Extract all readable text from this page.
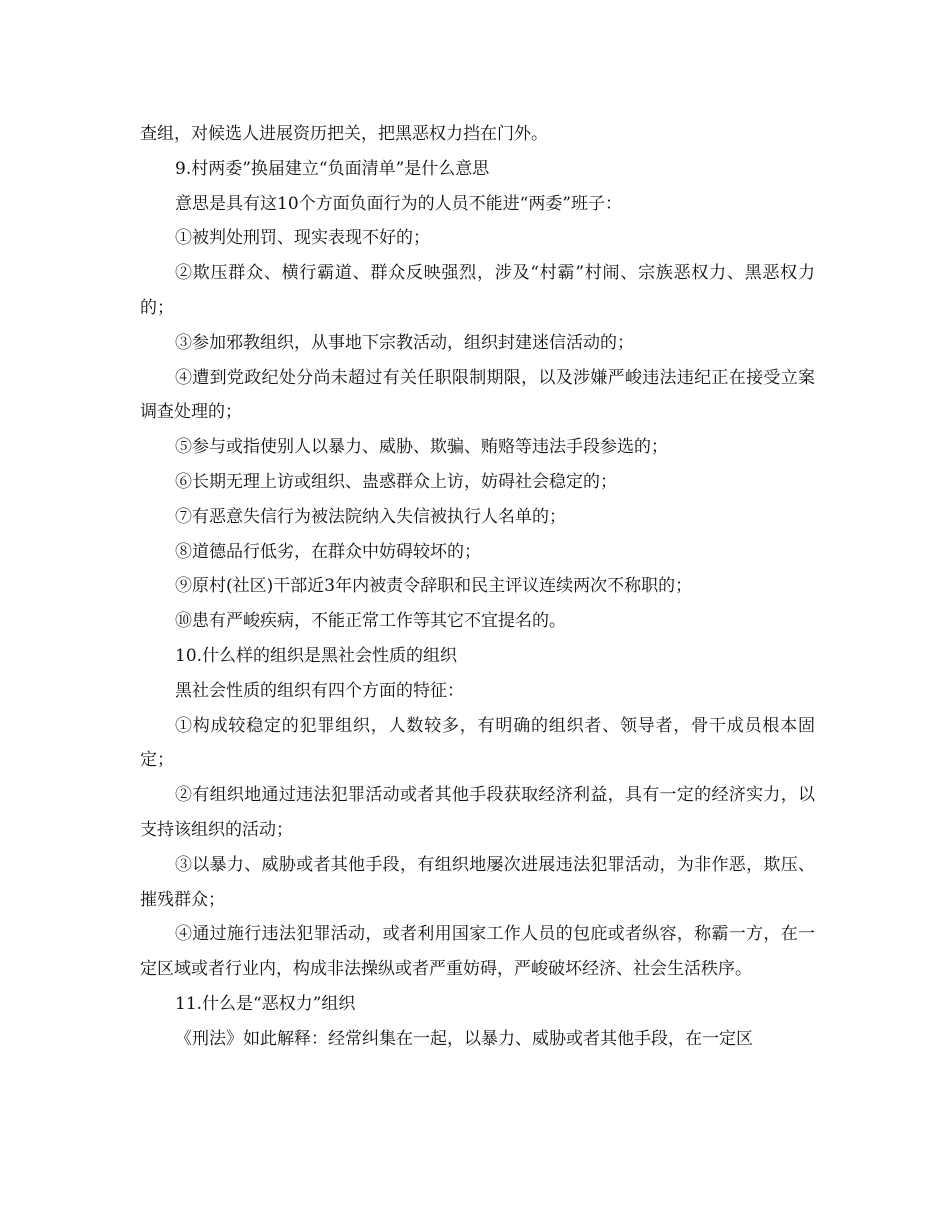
查组，对候选人进展资历把关，把黑恶权力挡在门外。

9.村两委”换届建立“负面清单”是什么意思

意思是具有这10个方面负面行为的人员不能进“两委”班子：

①被判处刑罚、现实表现不好的；

②欺压群众、横行霸道、群众反映强烈，涉及“村霸”村闹、宗族恶权力、黑恶权力的；

③参加邪教组织，从事地下宗教活动，组织封建迷信活动的；

④遭到党政纪处分尚未超过有关任职限制期限，以及涉嫌严峻违法违纪正在接受立案调查处理的；

⑤参与或指使别人以暴力、威胁、欺骗、贿赂等违法手段参选的；

⑥长期无理上访或组织、蛊惑群众上访，妨碍社会稳定的；

⑦有恶意失信行为被法院纳入失信被执行人名单的；

⑧道德品行低劣，在群众中妨碍较坏的；

⑨原村(社区)干部近3年内被责令辞职和民主评议连续两次不称职的；

⑩患有严峻疾病，不能正常工作等其它不宜提名的。

10.什么样的组织是黑社会性质的组织

黑社会性质的组织有四个方面的特征：

①构成较稳定的犯罪组织，人数较多，有明确的组织者、领导者，骨干成员根本固定；

②有组织地通过违法犯罪活动或者其他手段获取经济利益，具有一定的经济实力，以支持该组织的活动；

③以暴力、威胁或者其他手段，有组织地屡次进展违法犯罪活动，为非作恶，欺压、摧残群众；

④通过施行违法犯罪活动，或者利用国家工作人员的包庇或者纵容，称霸一方，在一定区域或者行业内，构成非法操纵或者严重妨碍，严峻破坏经济、社会生活秩序。

11.什么是“恶权力”组织

《刑法》如此解释：经常纠集在一起，以暴力、威胁或者其他手段，在一定区
